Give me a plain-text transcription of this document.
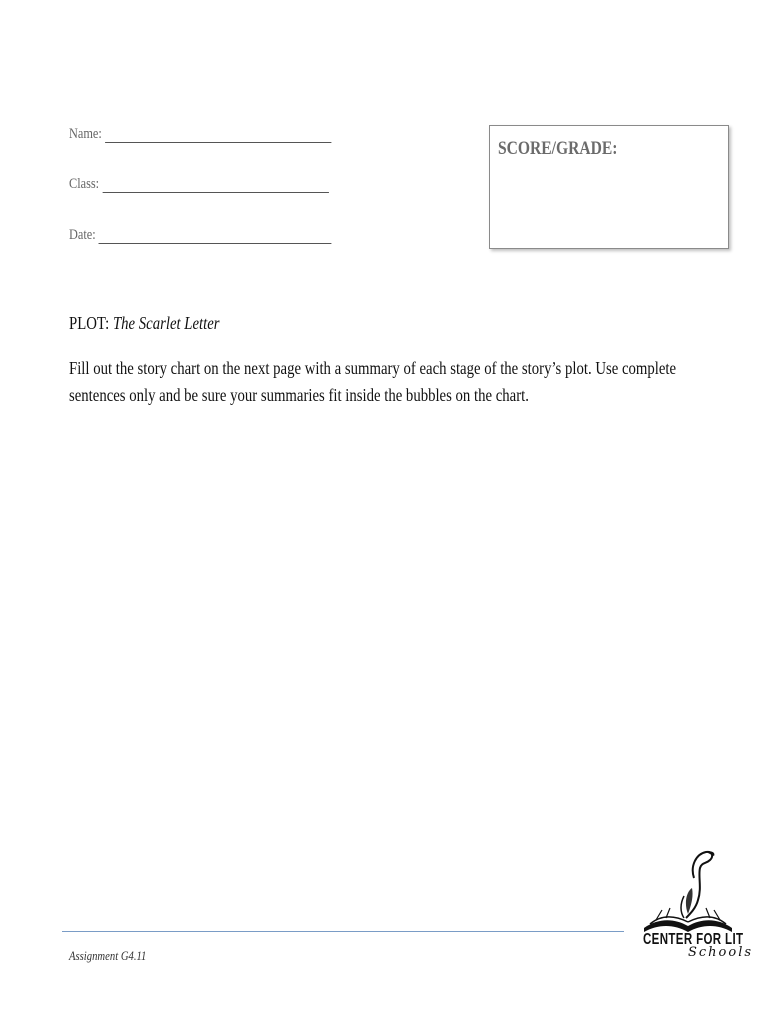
Name:
Class:
Date:
SCORE/GRADE:
PLOT: The Scarlet Letter
Fill out the story chart on the next page with a summary of each stage of the story’s plot. Use complete sentences only and be sure your summaries fit inside the bubbles on the chart.
Assignment G4.11
CENTER FOR LIT
Schools
